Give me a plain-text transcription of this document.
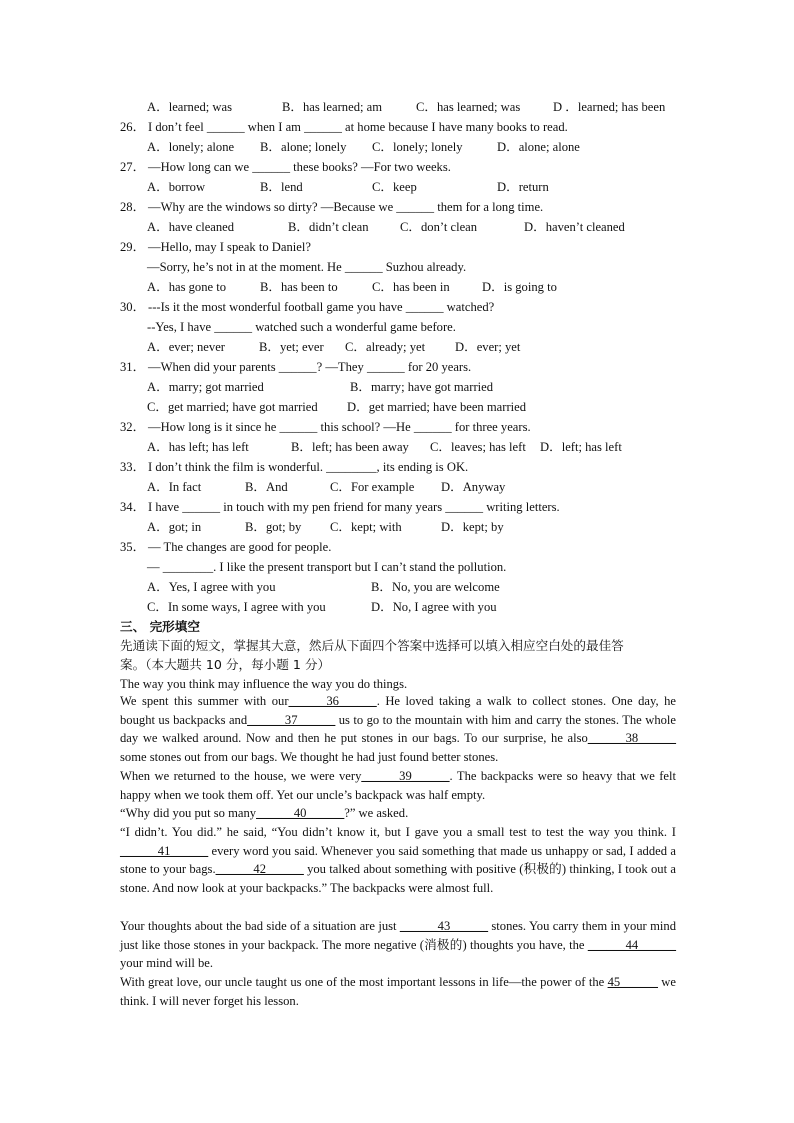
A．learned; was	B．has learned; am	C．has learned; was	D ．learned; has been
26． I don’t feel ______ when I am ______ at home because I have many books to read.
A．lonely; alone B．alone; lonely C．lonely; lonely	D．alone; alone
27． —How long can we ______ these books? —For two weeks.
A．borrow	B．lend	C．keep	D．return
28． —Why are the windows so dirty? —Because we ______ them for a long time.
A．have cleaned	B．didn’t clean C．don’t clean	D．haven’t cleaned
29． —Hello, may I speak to Daniel?
—Sorry, he’s not in at the moment. He ______ Suzhou already.
A．has gone to	B．has been to	C．has been in	D．is going to
30． ---Is it the most wonderful football game you have ______ watched?
--Yes, I have ______ watched such a wonderful game before.
A．ever; never	B．yet; ever C．already; yet D．ever; yet
31． —When did your parents ______? —They ______ for 20 years.
A．marry; got married	B．marry; have got married
C．get married; have got married D．get married; have been married
32． —How long is it since he ______ this school? —He ______ for three years.
A．has left; has left	B．left; has been away C．leaves; has left D．left; has left
33． I don’t think the film is wonderful. ________, its ending is OK.
A．In fact	B．And	C．For example D．Anyway
34． I have ______ in touch with my pen friend for many years ______ writing letters.
A．got; in	B．got; by C．kept; with	D．kept; by
35． — The changes are good for people.
— ________. I like the present transport but I can’t stand the pollution.
A．Yes, I agree with you	B．No, you are welcome
C．In some ways, I agree with you	D．No, I agree with you
三、 完形填空
先通读下面的短文，掌握其大意，然后从下面四个答案中选择可以填入相应空白处的最佳答
案。（本大题共 10 分，每小题 1 分）
The way you think may influence the way you do things.
We spent this summer with our______36______. He loved taking a walk to collect stones. One day, he bought us backpacks and______37______ us to go to the mountain with him and carry the stones. The whole day we walked around. Now and then he put stones in our bags. To our surprise, he also______38______ some stones out from our bags. We thought he had just found better stones.
When we returned to the house, we were very______39______. The backpacks were so heavy that we felt happy when we took them off. Yet our uncle’s backpack was half empty.
“Why did you put so many______40______?” we asked.
“I didn’t. You did.” he said, “You didn’t know it, but I gave you a small test to test the way you think. I ______41______ every word you said. Whenever you said something that made us unhappy or sad, I added a stone to your bags.______42______ you talked about something with positive (积极的) thinking, I took out a stone. And now look at your backpacks.” The backpacks were almost full.
Your thoughts about the bad side of a situation are just ______43______ stones. You carry them in your mind just like those stones in your backpack. The more negative (消极的) thoughts you have, the ______44______ your mind will be.
With great love, our uncle taught us one of the most important lessons in life—the power of the 45______ we think. I will never forget his lesson.
